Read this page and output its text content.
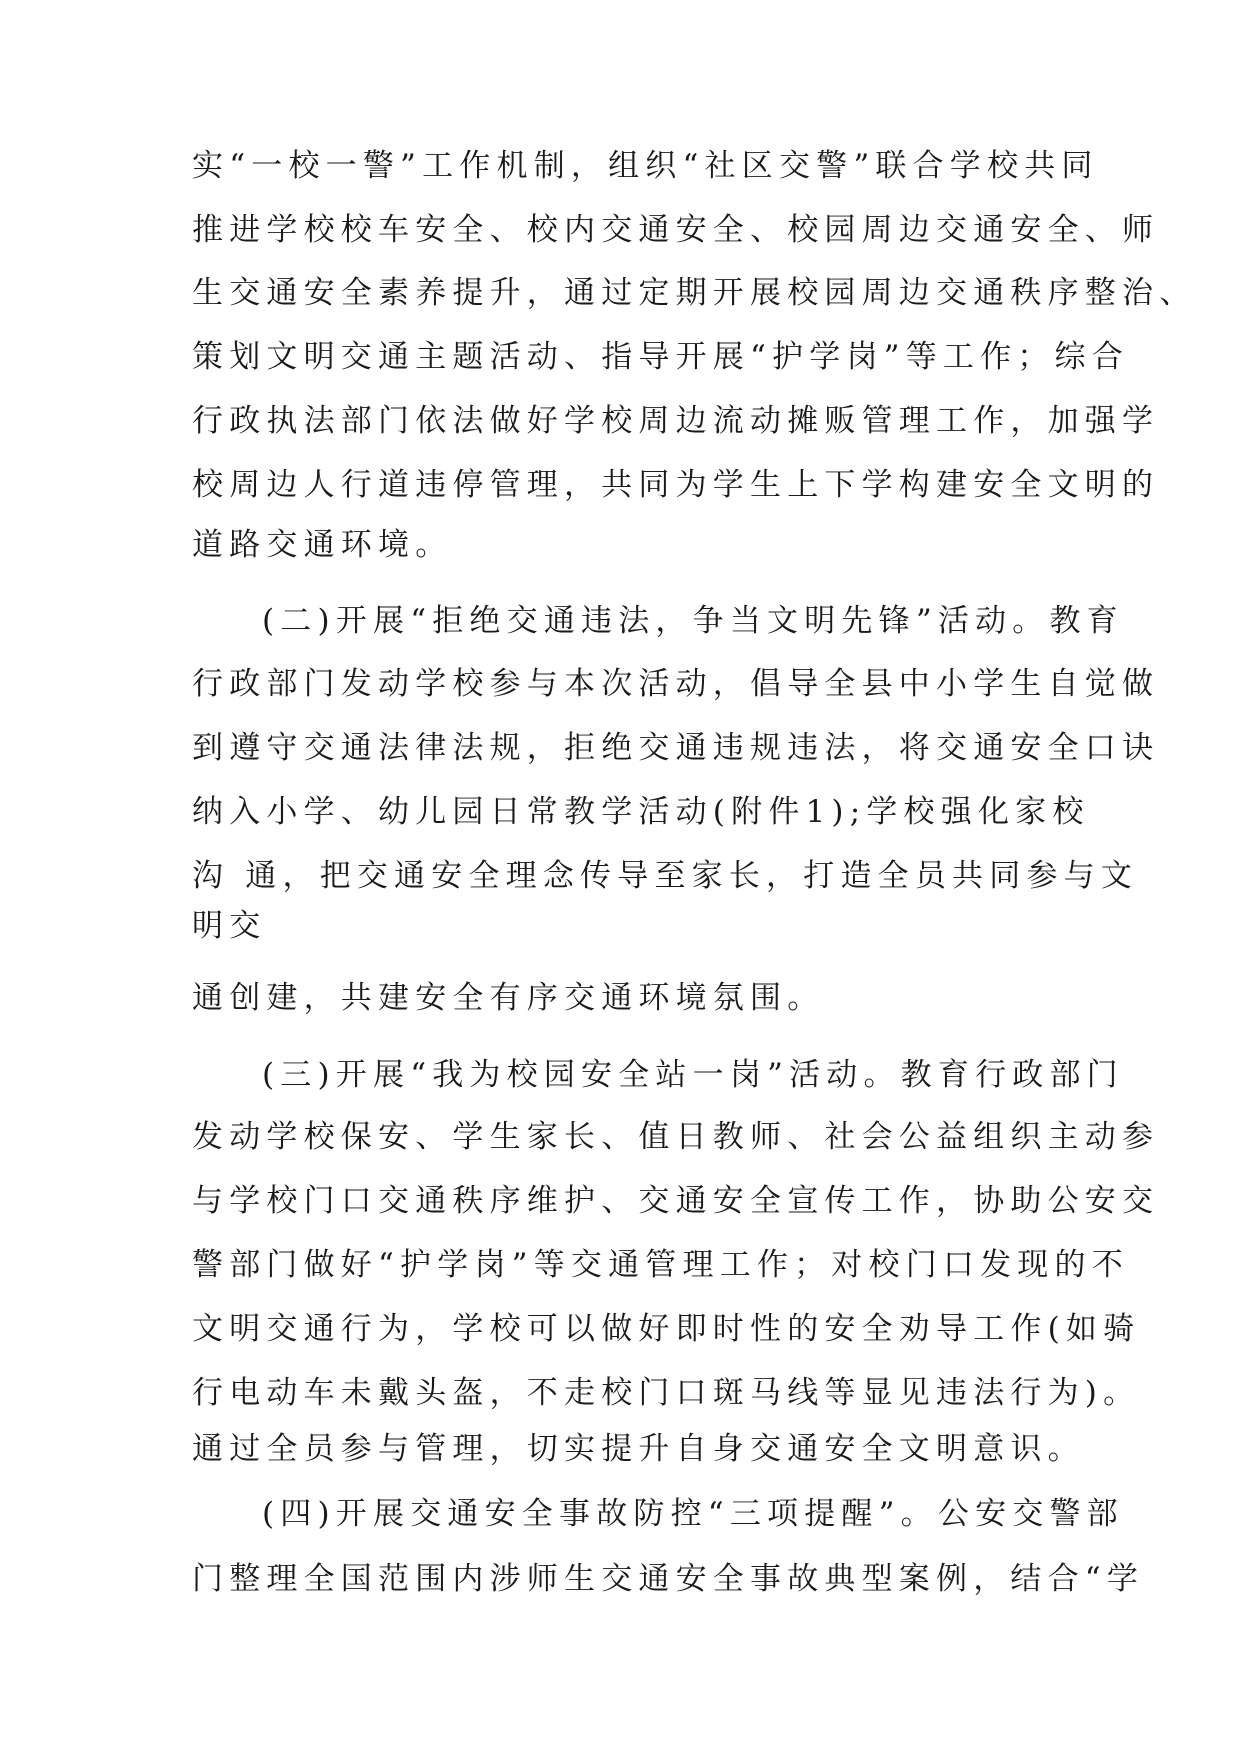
实“一校一警”工作机制，组织“社区交警”联合学校共同
推进学校校车安全、校内交通安全、校园周边交通安全、师
生交通安全素养提升，通过定期开展校园周边交通秩序整治、
策划文明交通主题活动、指导开展“护学岗”等工作；综合
行政执法部门依法做好学校周边流动摊贩管理工作，加强学
校周边人行道违停管理，共同为学生上下学构建安全文明的
道路交通环境。
(二)开展“拒绝交通违法，争当文明先锋”活动。教育
行政部门发动学校参与本次活动，倡导全县中小学生自觉做
到遵守交通法律法规，拒绝交通违规违法，将交通安全口诀
纳入小学、幼儿园日常教学活动(附件1);学校强化家校
沟 通，把交通安全理念传导至家长，打造全员共同参与文
明交
通创建，共建安全有序交通环境氛围。
(三)开展“我为校园安全站一岗”活动。教育行政部门
发动学校保安、学生家长、值日教师、社会公益组织主动参
与学校门口交通秩序维护、交通安全宣传工作，协助公安交
警部门做好“护学岗”等交通管理工作；对校门口发现的不
文明交通行为，学校可以做好即时性的安全劝导工作(如骑
行电动车未戴头盔，不走校门口斑马线等显见违法行为)。
通过全员参与管理，切实提升自身交通安全文明意识。
(四)开展交通安全事故防控“三项提醒”。公安交警部
门整理全国范围内涉师生交通安全事故典型案例，结合“学
